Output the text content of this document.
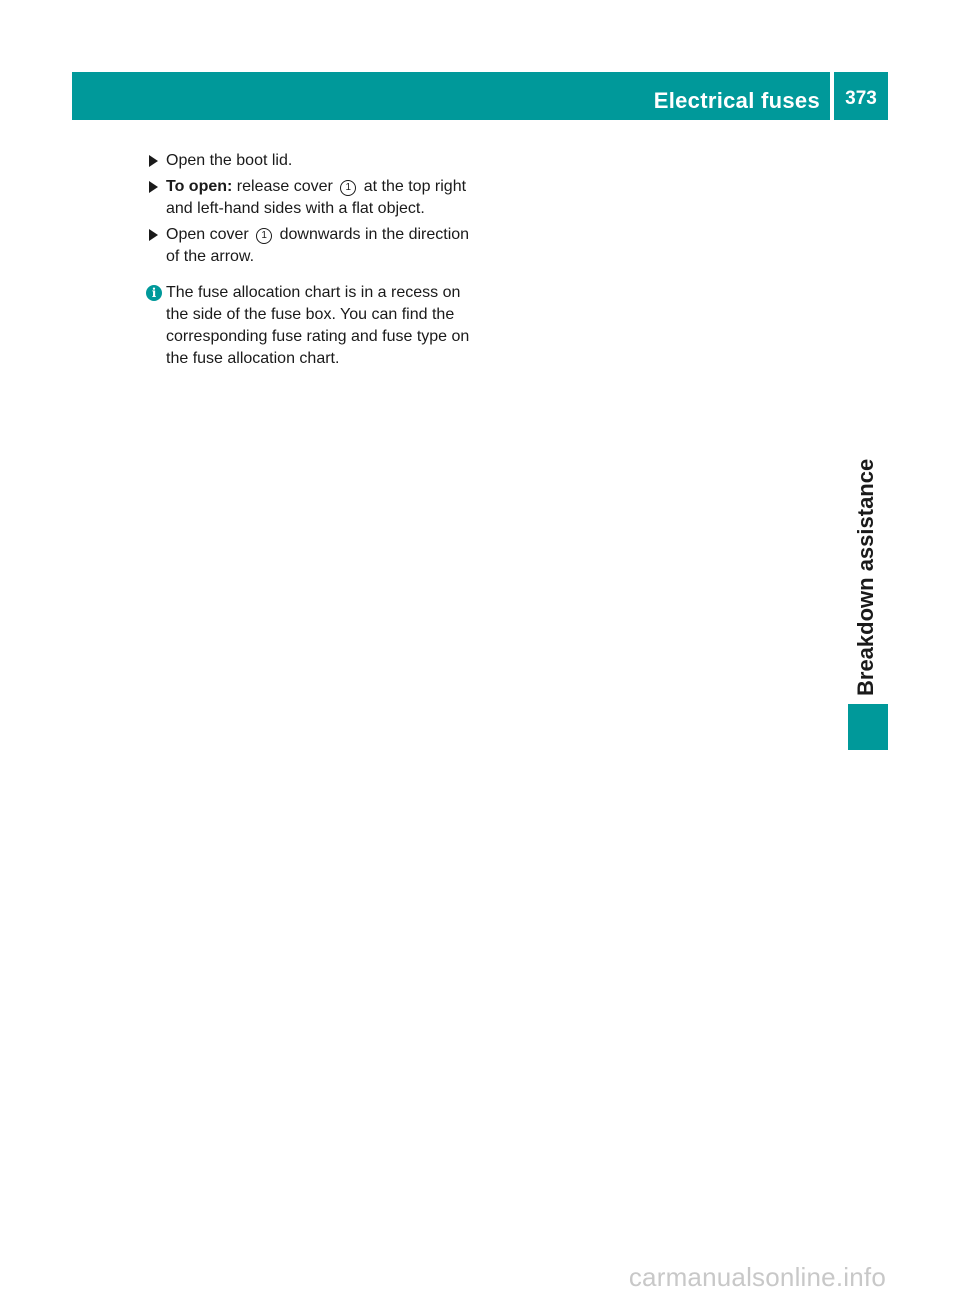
Electrical fuses	373
Open the boot lid.
To open: release cover 1 at the top right and left-hand sides with a flat object.
Open cover 1 downwards in the direction of the arrow.
i The fuse allocation chart is in a recess on the side of the fuse box. You can find the corresponding fuse rating and fuse type on the fuse allocation chart.
Breakdown assistance
carmanualsonline.info
